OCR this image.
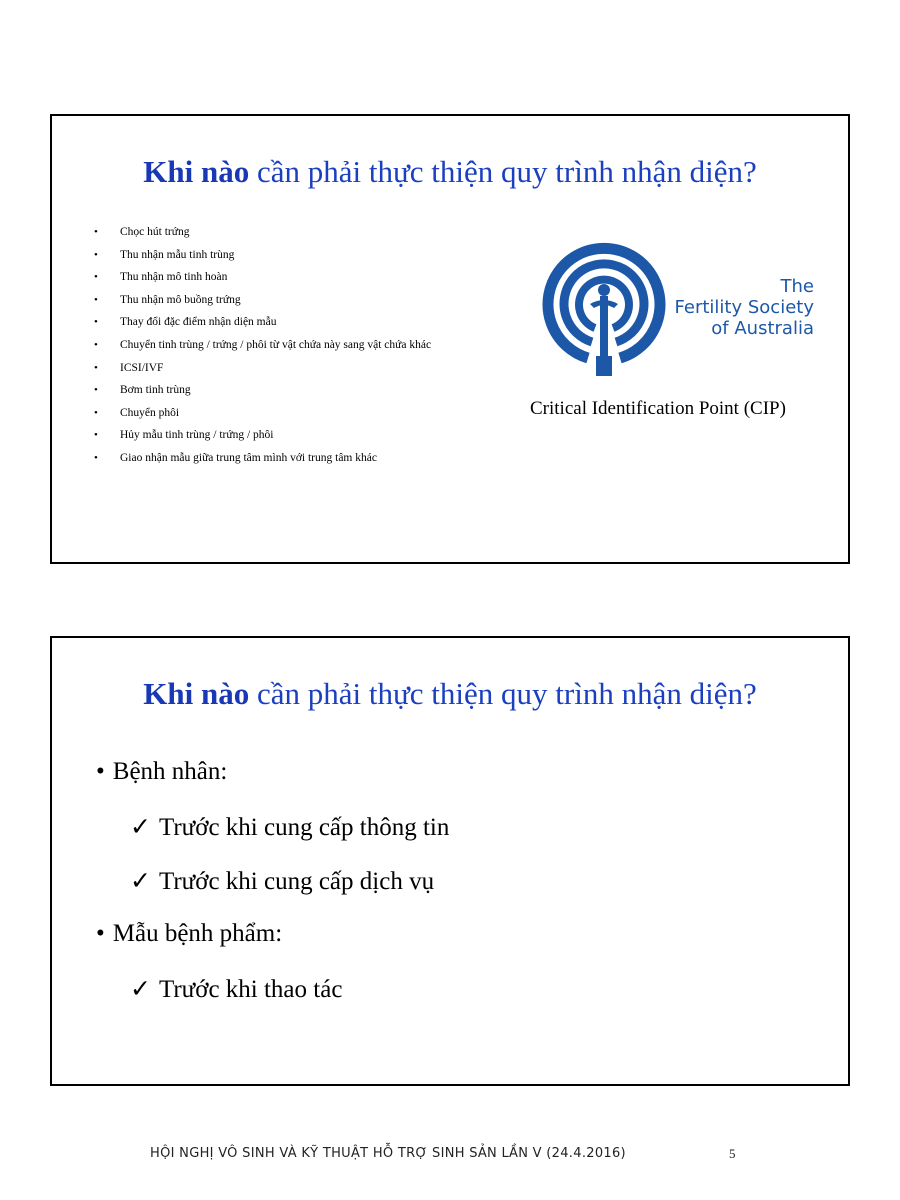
Khi nào cần phải thực thiện quy trình nhận diện?
• Chọc hút trứng
• Thu nhận mẫu tinh trùng
• Thu nhận mô tinh hoàn
• Thu nhận mô buồng trứng
• Thay đổi đặc điểm nhận diện mẫu
• Chuyển tinh trùng / trứng / phôi từ vật chứa này sang vật chứa khác
• ICSI/IVF
• Bơm tinh trùng
• Chuyển phôi
• Hủy mẫu tinh trùng / trứng / phôi
• Giao nhận mẫu giữa trung tâm mình với trung tâm khác
The
Fertility Society
of Australia
Critical Identification Point (CIP)
Khi nào cần phải thực thiện quy trình nhận diện?
• Bệnh nhân:
✓ Trước khi cung cấp thông tin
✓ Trước khi cung cấp dịch vụ
• Mẫu bệnh phẩm:
✓ Trước khi thao tác
HỘI NGHỊ VÔ SINH VÀ KỸ THUẬT HỖ TRỢ SINH SẢN LẦN V (24.4.2016)	5
